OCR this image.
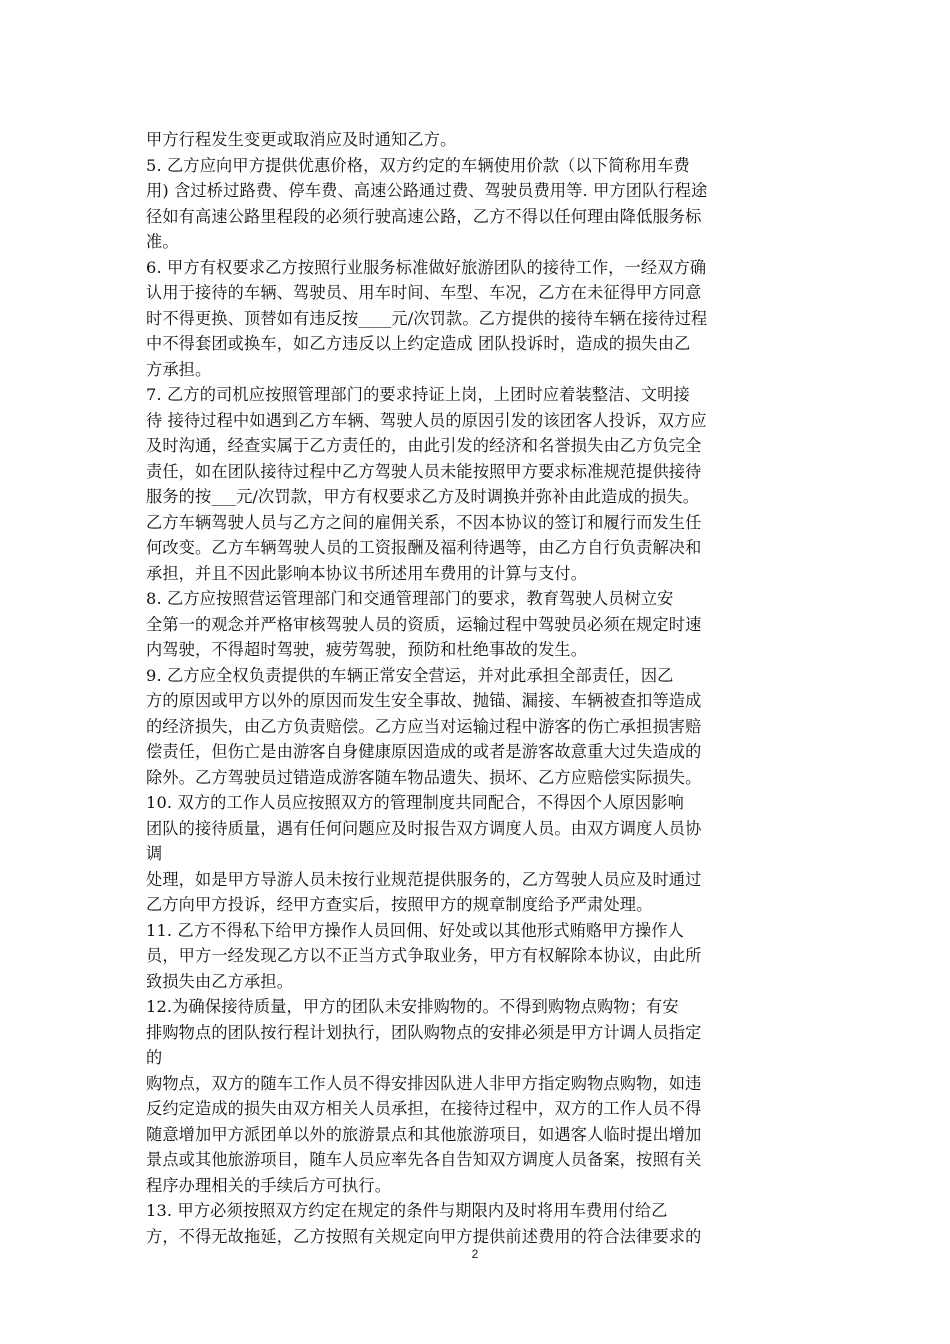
甲方行程发生变更或取消应及时通知乙方。
5. 乙方应向甲方提供优惠价格，双方约定的车辆使用价款（以下简称用车费
用) 含过桥过路费、停车费、高速公路通过费、驾驶员费用等. 甲方团队行程途
径如有高速公路里程段的必须行驶高速公路，乙方不得以任何理由降低服务标
准。
6. 甲方有权要求乙方按照行业服务标准做好旅游团队的接待工作，一经双方确
认用于接待的车辆、驾驶员、用车时间、车型、车况，乙方在未征得甲方同意
时不得更换、顶替如有违反按____元/次罚款。乙方提供的接待车辆在接待过程
中不得套团或换车，如乙方违反以上约定造成 团队投诉时，造成的损失由乙
方承担。
7. 乙方的司机应按照管理部门的要求持证上岗，上团时应着装整洁、文明接
待 接待过程中如遇到乙方车辆、驾驶人员的原因引发的该团客人投诉，双方应
及时沟通，经查实属于乙方责任的，由此引发的经济和名誉损失由乙方负完全
责任，如在团队接待过程中乙方驾驶人员未能按照甲方要求标准规范提供接待
服务的按___元/次罚款，甲方有权要求乙方及时调换并弥补由此造成的损失。
乙方车辆驾驶人员与乙方之间的雇佣关系，不因本协议的签订和履行而发生任
何改变。乙方车辆驾驶人员的工资报酬及福利待遇等，由乙方自行负责解决和
承担，并且不因此影响本协议书所述用车费用的计算与支付。
8. 乙方应按照营运管理部门和交通管理部门的要求，教育驾驶人员树立安
全第一的观念并严格审核驾驶人员的资质，运输过程中驾驶员必须在规定时速
内驾驶，不得超时驾驶，疲劳驾驶，预防和杜绝事故的发生。
9. 乙方应全权负责提供的车辆正常安全营运，并对此承担全部责任，因乙
方的原因或甲方以外的原因而发生安全事故、抛锚、漏接、车辆被查扣等造成
的经济损失，由乙方负责赔偿。乙方应当对运输过程中游客的伤亡承担损害赔
偿责任，但伤亡是由游客自身健康原因造成的或者是游客故意重大过失造成的
除外。乙方驾驶员过错造成游客随车物品遗失、损坏、乙方应赔偿实际损失。
10. 双方的工作人员应按照双方的管理制度共同配合，不得因个人原因影响
团队的接待质量，遇有任何问题应及时报告双方调度人员。由双方调度人员协
调
处理，如是甲方导游人员未按行业规范提供服务的，乙方驾驶人员应及时通过
乙方向甲方投诉，经甲方查实后，按照甲方的规章制度给予严肃处理。
11. 乙方不得私下给甲方操作人员回佣、好处或以其他形式贿赂甲方操作人
员，甲方一经发现乙方以不正当方式争取业务，甲方有权解除本协议，由此所
致损失由乙方承担。
12.为确保接待质量，甲方的团队未安排购物的。不得到购物点购物；有安
排购物点的团队按行程计划执行，团队购物点的安排必须是甲方计调人员指定
的
购物点，双方的随车工作人员不得安排因队进人非甲方指定购物点购物，如违
反约定造成的损失由双方相关人员承担，在接待过程中，双方的工作人员不得
随意增加甲方派团单以外的旅游景点和其他旅游项目，如遇客人临时提出增加
景点或其他旅游项目，随车人员应率先各自告知双方调度人员备案，按照有关
程序办理相关的手续后方可执行。
13. 甲方必须按照双方约定在规定的条件与期限内及时将用车费用付给乙
方，不得无故拖延，乙方按照有关规定向甲方提供前述费用的符合法律要求的
2
